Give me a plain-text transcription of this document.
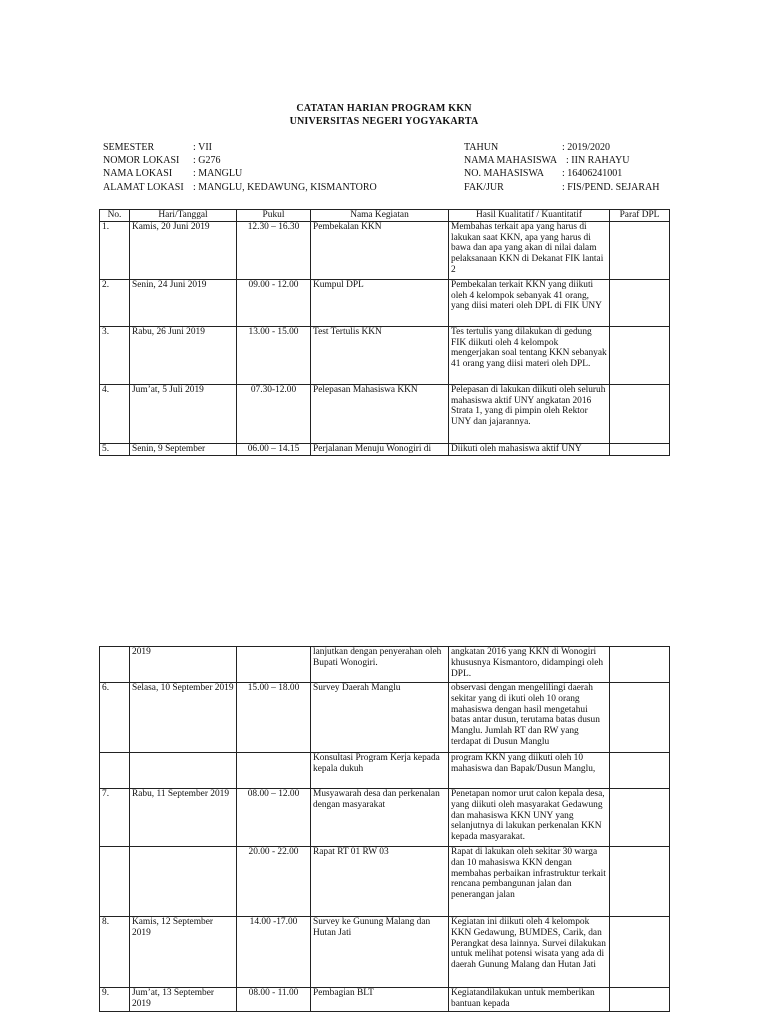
CATATAN HARIAN PROGRAM KKN
UNIVERSITAS NEGERI YOGYAKARTA
SEMESTER	: VII
NOMOR LOKASI : G276
NAMA LOKASI : MANGLU
ALAMAT LOKASI : MANGLU, KEDAWUNG, KISMANTORO
TAHUN	: 2019/2020
NAMA MAHASISWA : IIN RAHAYU
NO. MAHASISWA : 16406241001
FAK/JUR	: FIS/PEND. SEJARAH
No.	Hari/Tanggal	Pukul	Nama Kegiatan	Hasil Kualitatif / Kuantitatif	Paraf DPL
1.	Kamis, 20 Juni 2019	12.30 – 16.30	Pembekalan KKN	Membahas terkait apa yang harus di lakukan saat KKN, apa yang harus di bawa dan apa yang akan di nilai dalam pelaksanaan KKN di Dekanat FIK lantai 2	
2.	Senin, 24 Juni 2019	09.00 - 12.00	Kumpul DPL	Pembekalan terkait KKN yang diikuti oleh 4 kelompok sebanyak 41 orang, yang diisi materi oleh DPL di FIK UNY	
3.	Rabu, 26 Juni 2019	13.00 - 15.00	Test Tertulis KKN	Tes tertulis yang dilakukan di gedung FIK diikuti oleh 4 kelompok mengerjakan soal tentang KKN sebanyak 41 orang yang diisi materi oleh DPL.	
4.	Jum’at, 5 Juli 2019	07.30-12.00	Pelepasan Mahasiswa KKN	Pelepasan di lakukan diikuti oleh seluruh mahasiswa aktif UNY angkatan 2016 Strata 1, yang di pimpin oleh Rektor UNY dan jajarannya.	
5.	Senin, 9 September	06.00 – 14.15	Perjalanan Menuju Wonogiri di	Diikuti oleh mahasiswa aktif UNY	
	2019		lanjutkan dengan penyerahan oleh Bupati Wonogiri.	angkatan 2016 yang KKN di Wonogiri khususnya Kismantoro, didampingi oleh DPL.	
6.	Selasa, 10 September 2019	15.00 – 18.00	Survey Daerah Manglu	observasi dengan mengelilingi daerah sekitar yang di ikuti oleh 10 orang mahasiswa dengan hasil mengetahui batas antar dusun, terutama batas dusun Manglu. Jumlah RT dan RW yang terdapat di Dusun Manglu	
			Konsultasi Program Kerja kepada kepala dukuh	program KKN yang diikuti oleh 10 mahasiswa dan Bapak/Dusun Manglu,	
7.	Rabu, 11 September 2019	08.00 – 12.00	Musyawarah desa dan perkenalan dengan masyarakat	Penetapan nomor urut calon kepala desa, yang diikuti oleh masyarakat Gedawung dan mahasiswa KKN UNY yang selanjutnya di lakukan perkenalan KKN kepada masyarakat.	
		20.00 - 22.00	Rapat RT 01 RW 03	Rapat di lakukan oleh sekitar 30 warga dan 10 mahasiswa KKN dengan membahas perbaikan infrastruktur terkait rencana pembangunan jalan dan penerangan jalan	
8.	Kamis, 12 September 2019	14.00 -17.00	Survey ke Gunung Malang dan Hutan Jati	Kegiatan ini diikuti oleh 4 kelompok KKN Gedawung, BUMDES, Carik, dan Perangkat desa lainnya. Survei dilakukan untuk melihat potensi wisata yang ada di daerah Gunung Malang dan Hutan Jati	
9.	Jum’at, 13 September 2019	08.00 - 11.00	Pembagian BLT	Kegiatandilakukan untuk memberikan bantuan kepada	
